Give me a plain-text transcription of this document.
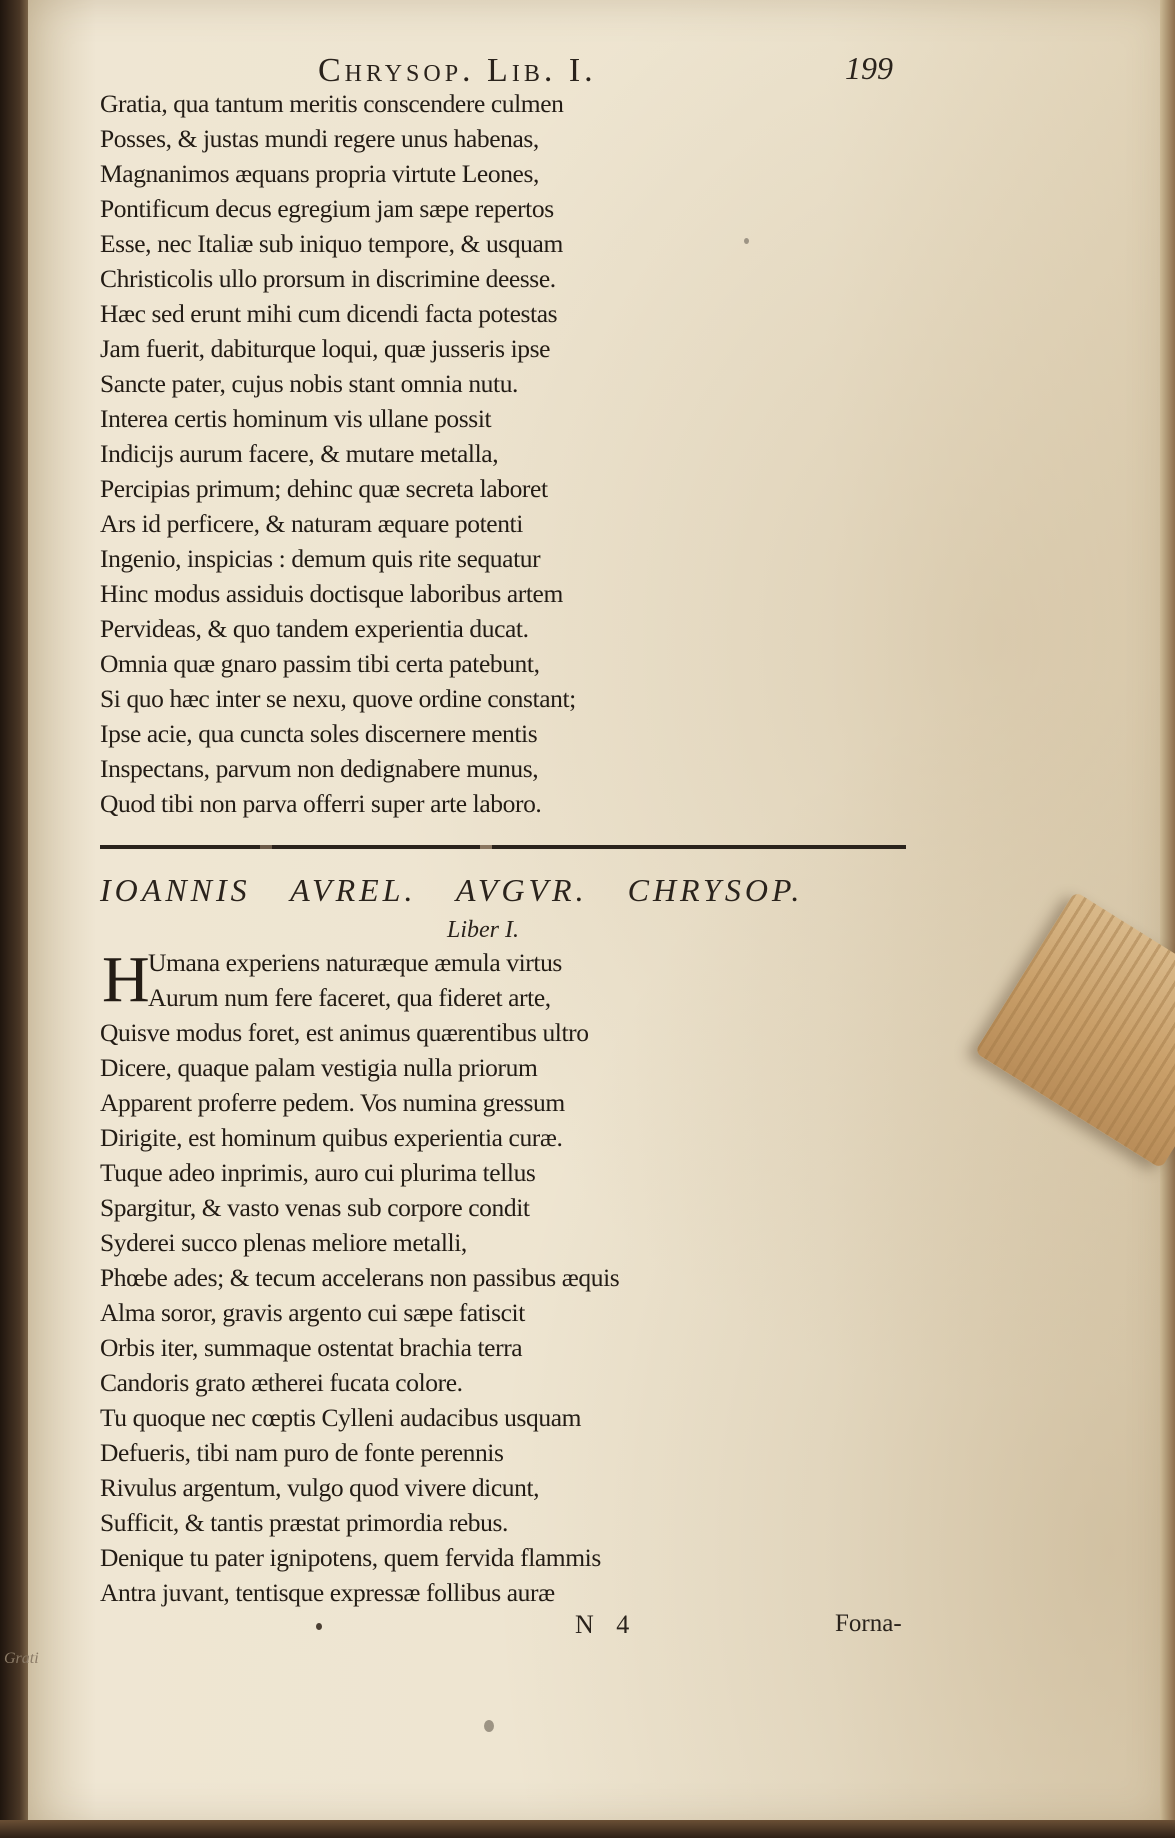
Chrysop. Lib. I.	199
Gratia, qua tantum meritis conscendere culmen
Posses, & justas mundi regere unus habenas,
Magnanimos æquans propria virtute Leones,
Pontificum decus egregium jam sæpe repertos
Esse, nec Italiæ sub iniquo tempore, & usquam
Christicolis ullo prorsum in discrimine deesse.
Hæc sed erunt mihi cum dicendi facta potestas
Jam fuerit, dabiturque loqui, quæ jusseris ipse
Sancte pater, cujus nobis stant omnia nutu.
Interea certis hominum vis ullane possit
Indicijs aurum facere, & mutare metalla,
Percipias primum; dehinc quæ secreta laboret
Ars id perficere, & naturam æquare potenti
Ingenio, inspicias : demum quis rite sequatur
Hinc modus assiduis doctisque laboribus artem
Pervideas, & quo tandem experientia ducat.
Omnia quæ gnaro passim tibi certa patebunt,
Si quo hæc inter se nexu, quove ordine constant;
Ipse acie, qua cuncta soles discernere mentis
Inspectans, parvum non dedignabere munus,
Quod tibi non parva offerri super arte laboro.
IOANNIS AVREL. AVGVR. CHRYSOP.
Liber I.
H
Umana experiens naturæque æmula virtus
Aurum num fere faceret, qua fideret arte,
Quisve modus foret, est animus quærentibus ultro
Dicere, quaque palam vestigia nulla priorum
Apparent proferre pedem. Vos numina gressum
Dirigite, est hominum quibus experientia curæ.
Tuque adeo inprimis, auro cui plurima tellus
Spargitur, & vasto venas sub corpore condit
Syderei succo plenas meliore metalli,
Phœbe ades; & tecum accelerans non passibus æquis
Alma soror, gravis argento cui sæpe fatiscit
Orbis iter, summaque ostentat brachia terra
Candoris grato ætherei fucata colore.
Tu quoque nec cœptis Cylleni audacibus usquam
Defueris, tibi nam puro de fonte perennis
Rivulus argentum, vulgo quod vivere dicunt,
Sufficit, & tantis præstat primordia rebus.
Denique tu pater ignipotens, quem fervida flammis
Antra juvant, tentisque expressæ follibus auræ
N 4	Forna-
Grati
